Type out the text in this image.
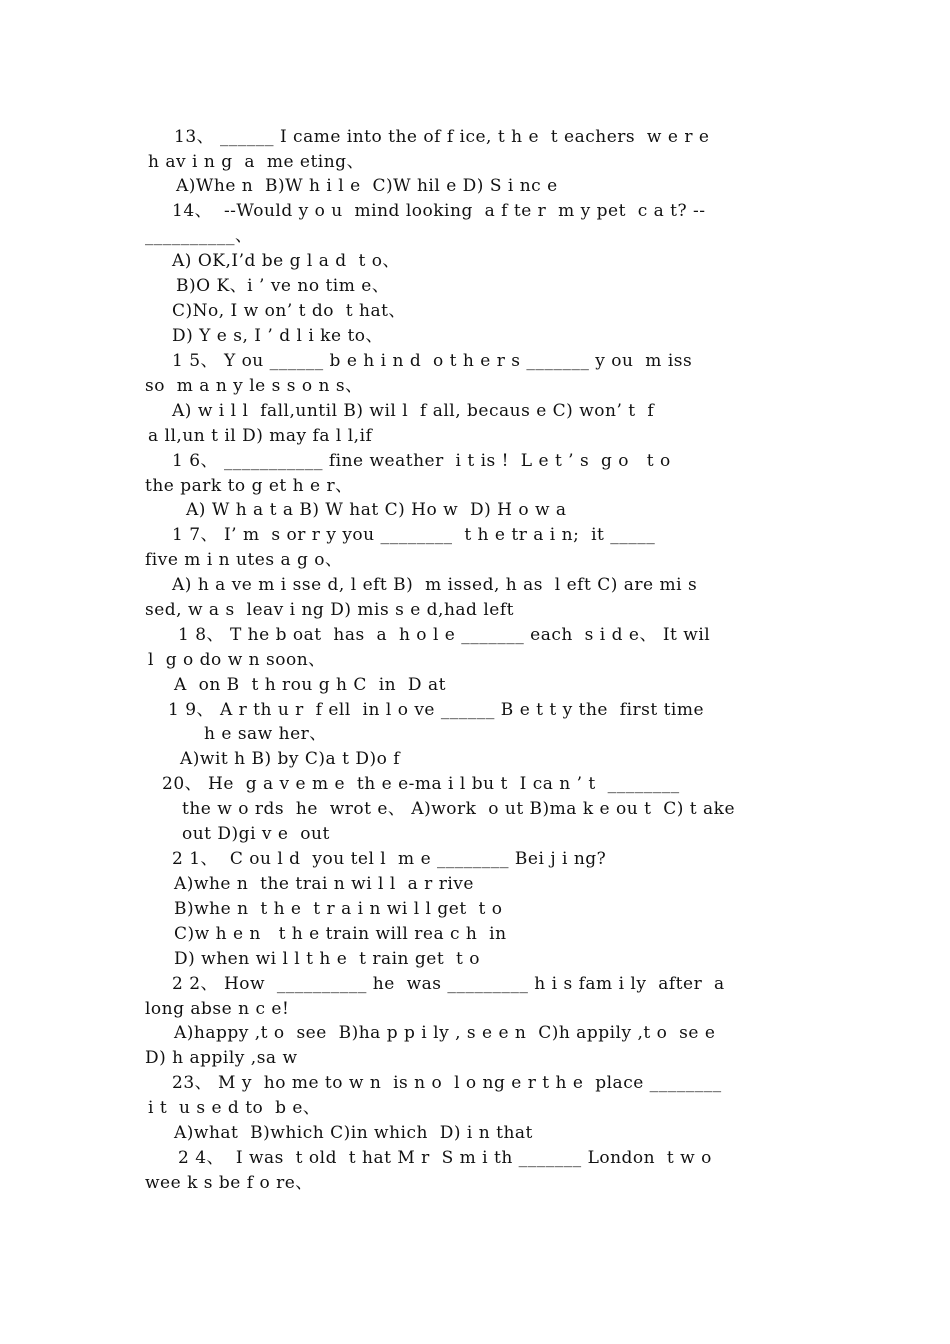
13、 ______ I came into the of f ice, t h e  t eachers  w e r e
h av i n g  a  me eting、
A)Whe n  B)W h i l e  C)W hil e D) S i nc e
14、  --Would y o u  mind looking  a f te r  m y pet  c a t? --
__________、
A) OK,I’d be g l a d  t o、
B)O K、i ’ ve no tim e、
C)No, I w on’ t do  t hat、
D) Y e s, I ’ d l i ke to、
1 5、 Y ou ______ b e h i n d  o t h e r s _______ y ou  m iss
so  m a n y le s s o n s、
A) w i l l  fall,until B) wil l  f all, becaus e C) won’ t  f
a ll,un t il D) may fa l l,if
1 6、 ___________ fine weather  i t is !  L e t ’ s  g o   t o
the park to g et h e r、
A) W h a t a B) W hat C) Ho w  D) H o w a
1 7、 I’ m  s or r y you ________  t h e tr a i n;  it _____
five m i n utes a g o、
A) h a ve m i sse d, l eft B)  m issed, h as  l eft C) are mi s
sed, w a s  leav i ng D) mis s e d,had left
1 8、 T he b oat  has  a  h o l e _______ each  s i d e、 It wil
l  g o do w n soon、
A  on B  t h rou g h C  in  D at
1 9、 A r th u r  f ell  in l o ve ______ B e t t y the  first time
h e saw her、
A)wit h B) by C)a t D)o f
20、 He  g a v e m e  th e e-ma i l bu t  I ca n ’ t  ________
the w o rds  he  wrot e、 A)work  o ut B)ma k e ou t  C) t ake
out D)gi v e  out
2 1、  C ou l d  you tel l  m e ________ Bei j i ng?
A)whe n  the trai n wi l l  a r rive
B)whe n  t h e  t r a i n wi l l get  t o
C)w h e n   t h e train will rea c h  in
D) when wi l l t h e  t rain get  t o
2 2、 How  __________ he  was _________ h i s fam i ly  after  a
long abse n c e!
A)happy ,t o  see  B)ha p p i ly , s e e n  C)h appily ,t o  se e
D) h appily ,sa w
23、 M y  ho me to w n  is n o  l o ng e r t h e  place ________
i t  u s e d to  b e、
A)what  B)which C)in which  D) i n that
2 4、  I was  t old  t hat M r  S m i th _______ London  t w o
wee k s be f o re、
